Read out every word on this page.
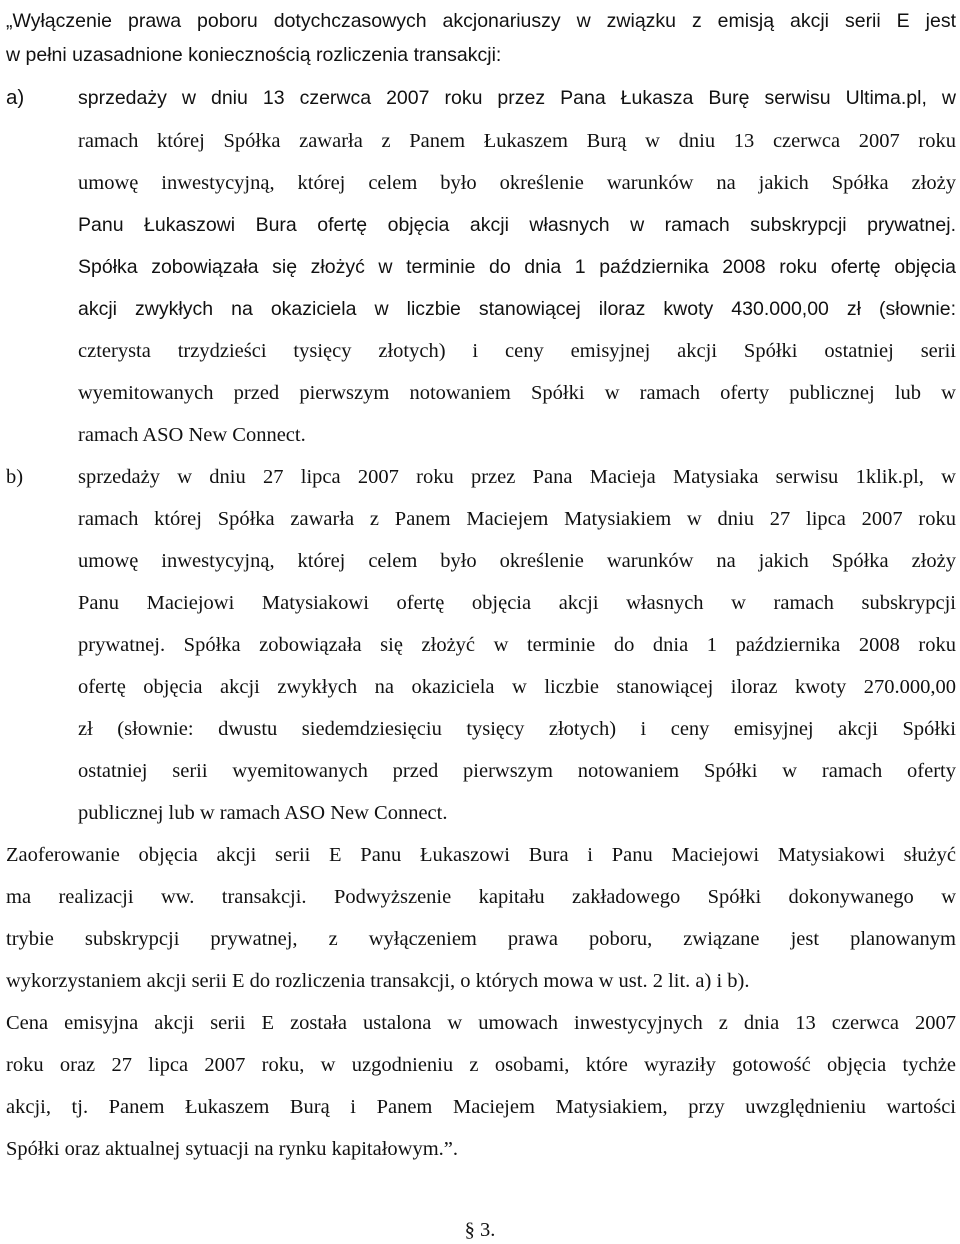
„Wyłączenie prawa poboru dotychczasowych akcjonariuszy w związku z emisją akcji serii E jest

w pełni uzasadnione koniecznością rozliczenia transakcji:

a)	sprzedaży w dniu 13 czerwca 2007 roku przez Pana Łukasza Burę serwisu Ultima.pl, w

ramach której Spółka zawarła z Panem Łukaszem Burą w dniu 13 czerwca 2007 roku

umowę inwestycyjną, której celem było określenie warunków na jakich Spółka złoży

Panu Łukaszowi Bura ofertę objęcia akcji własnych w ramach subskrypcji prywatnej.

Spółka zobowiązała się złożyć w terminie do dnia 1 października 2008 roku ofertę objęcia

akcji zwykłych na okaziciela w liczbie stanowiącej iloraz kwoty 430.000,00 zł (słownie:

czterysta trzydzieści tysięcy złotych) i ceny emisyjnej akcji Spółki ostatniej serii

wyemitowanych przed pierwszym notowaniem Spółki w ramach oferty publicznej lub w

ramach ASO New Connect.

b)	sprzedaży w dniu 27 lipca 2007 roku przez Pana Macieja Matysiaka serwisu 1klik.pl, w

ramach której Spółka zawarła z Panem Maciejem Matysiakiem w dniu 27 lipca 2007 roku

umowę inwestycyjną, której celem było określenie warunków na jakich Spółka złoży

Panu Maciejowi Matysiakowi ofertę objęcia akcji własnych w ramach subskrypcji

prywatnej. Spółka zobowiązała się złożyć w terminie do dnia 1 października 2008 roku

ofertę objęcia akcji zwykłych na okaziciela w liczbie stanowiącej iloraz kwoty 270.000,00

zł (słownie: dwustu siedemdziesięciu tysięcy złotych) i ceny emisyjnej akcji Spółki

ostatniej serii wyemitowanych przed pierwszym notowaniem Spółki w ramach oferty

publicznej lub w ramach ASO New Connect.

Zaoferowanie objęcia akcji serii E Panu Łukaszowi Bura i Panu Maciejowi Matysiakowi służyć

ma realizacji ww. transakcji. Podwyższenie kapitału zakładowego Spółki dokonywanego w

trybie subskrypcji prywatnej, z wyłączeniem prawa poboru, związane jest planowanym

wykorzystaniem akcji serii E do rozliczenia transakcji, o których mowa w ust. 2 lit. a) i b).

Cena emisyjna akcji serii E została ustalona w umowach inwestycyjnych z dnia 13 czerwca 2007

roku oraz 27 lipca 2007 roku, w uzgodnieniu z osobami, które wyraziły gotowość objęcia tychże

akcji, tj. Panem Łukaszem Burą i Panem Maciejem Matysiakiem, przy uwzględnieniu wartości

Spółki oraz aktualnej sytuacji na rynku kapitałowym.”.

§ 3.
